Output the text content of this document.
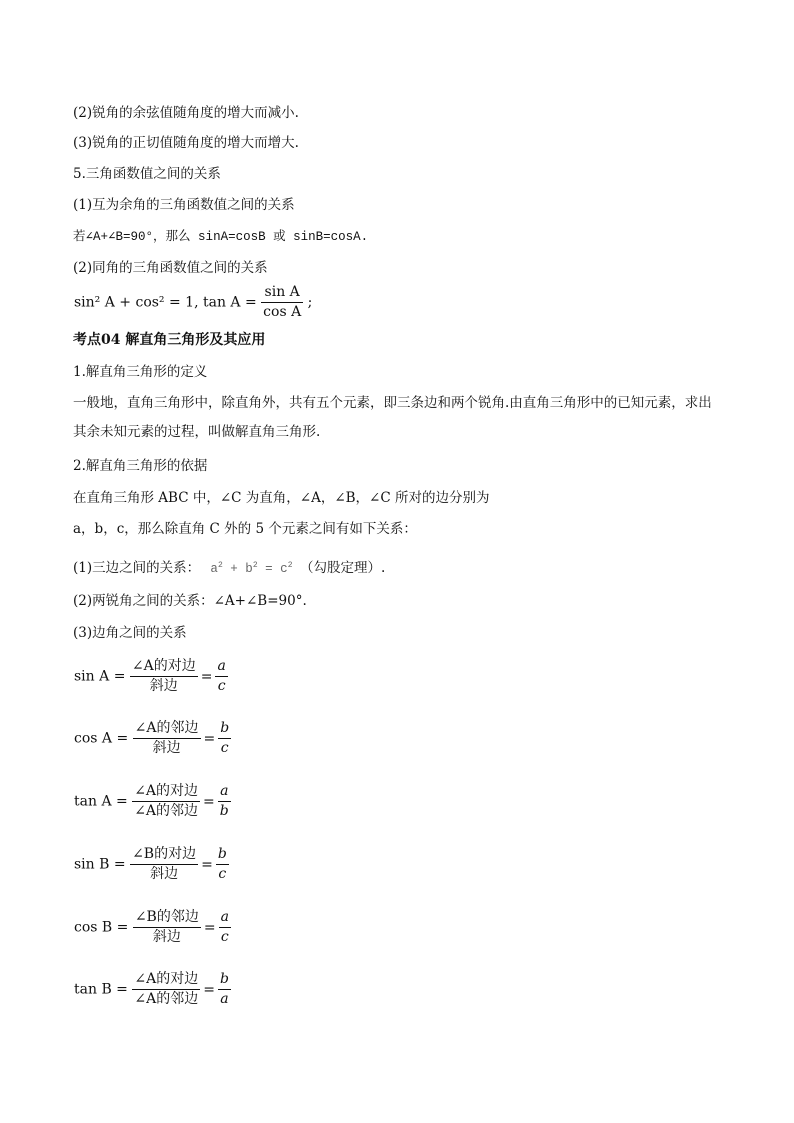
(2)锐角的余弦值随角度的增大而减小.
(3)锐角的正切值随角度的增大而增大.
5.三角函数值之间的关系
(1)互为余角的三角函数值之间的关系
若∠A+∠B=90°，那么 sinA=cosB 或 sinB=cosA.
(2)同角的三角函数值之间的关系
sin² A + cos² = 1, $\tan A = \frac{\text{sin A}}{\text{cos A}}$ ;
考点04 解直角三角形及其应用
1.解直角三角形的定义
一般地，直角三角形中，除直角外，共有五个元素，即三条边和两个锐角.由直角三角形中的已知元素，求出其余未知元素的过程，叫做解直角三角形.
2.解直角三角形的依据
在直角三角形 ABC 中，∠C 为直角，∠A，∠B，∠C 所对的边分别为
a，b，c，那么除直角 C 外的 5 个元素之间有如下关系：
(1)三边之间的关系： $a^2 + b^2 = c^2$ （勾股定理）.
(2)两锐角之间的关系：∠A+∠B=90°.
(3)边角之间的关系
$\sin A = \frac{\text{∠A的对边}}{\text{斜边}} = \frac{a}{c}$
$\cos A = \frac{\text{∠A的邻边}}{\text{斜边}} = \frac{b}{c}$
$\tan A = \frac{\text{∠A的对边}}{\text{∠A的邻边}} = \frac{a}{b}$
$\sin B = \frac{\text{∠B的对边}}{\text{斜边}} = \frac{b}{c}$
$\cos B = \frac{\text{∠B的邻边}}{\text{斜边}} = \frac{a}{c}$
$\tan B = \frac{\text{∠A的对边}}{\text{∠A的邻边}} = \frac{b}{a}$
